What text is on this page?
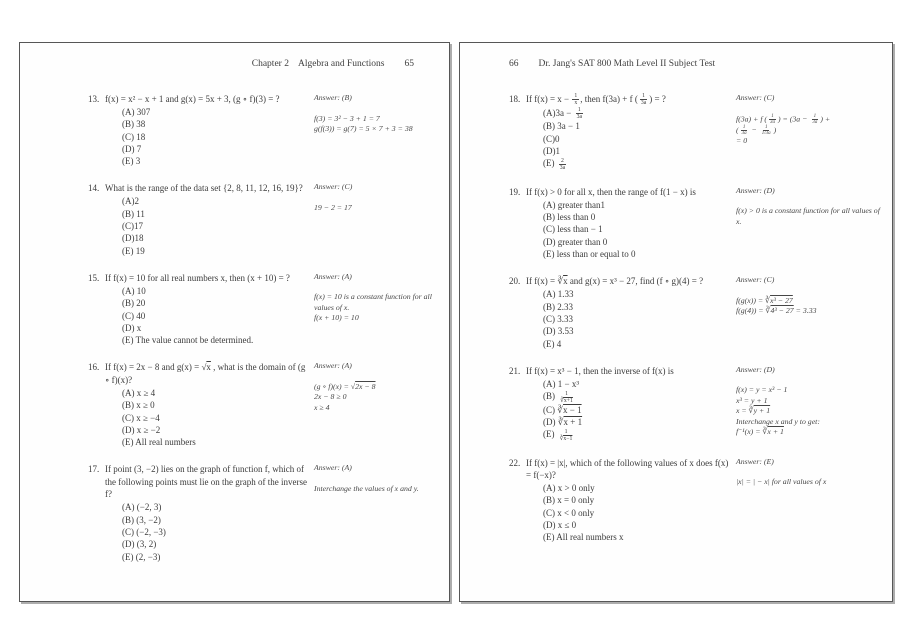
Chapter 2 Algebra and Functions 65
13. f(x) = x² − x + 1 and g(x) = 5x + 3, (g ∘ f)(3) = ?
(A) 307
(B) 38
(C) 18
(D) 7
(E) 3
Answer: (B)
f(3) = 3² − 3 + 1 = 7
g(f(3)) = g(7) = 5 × 7 + 3 = 38
14. What is the range of the data set {2, 8, 11, 12, 16, 19}?
(A)2
(B) 11
(C)17
(D)18
(E) 19
Answer: (C)
19 − 2 = 17
15. If f(x) = 10 for all real numbers x, then (x + 10) = ?
(A) 10
(B) 20
(C) 40
(D) x
(E) The value cannot be determined.
Answer: (A)
f(x) = 10 is a constant function for all values of x.
f(x + 10) = 10
16. If f(x) = 2x − 8 and g(x) = √x , what is the domain of (g ∘ f)(x)?
(A) x ≥ 4
(B) x ≥ 0
(C) x ≥ −4
(D) x ≥ −2
(E) All real numbers
Answer: (A)
(g ∘ f)(x) = √2x − 8
2x − 8 ≥ 0
x ≥ 4
17. If point (3, −2) lies on the graph of function f, which of the following points must lie on the graph of the inverse f?
(A) (−2, 3)
(B) (3, −2)
(C) (−2, −3)
(D) (3, 2)
(E) (2, −3)
Answer: (A)
Interchange the values of x and y.
66 Dr. Jang's SAT 800 Math Level II Subject Test
18. If $f(x) = x - \frac{1}{x}$ , then f(3a) + f ( $\frac{1}{3a}$ ) = ?
$(A)3a - \frac{1}{3a}$
(B) 3a − 1
(C)0
(D)1
$(E) \frac{2}{3a}$
Answer: (C)
f(3a) + f ( $\frac{1}{3a}$ ) = ($3a - \frac{1}{3a}$ ) +
( $\frac{1}{3a} - \frac{1}{1/3a}$ )
= 0
19. If f(x) > 0 for all x, then the range of f(1 − x) is
(A) greater than1
(B) less than 0
(C) less than − 1
(D) greater than 0
(E) less than or equal to 0
Answer: (D)
f(x) > 0 is a constant function for all values of x.
20. If $f(x) = ∛\overline{x}$ and g(x) = x³ − 27, find (f ∘ g)(4) = ?
(A) 1.33
(B) 2.33
(C) 3.33
(D) 3.53
(E) 4
Answer: (C)
f(g(x)) = ∛x³ − 27
f(g(4)) = ∛4³ − 27 = 3.33
21. If f(x) = x³ − 1, then the inverse of f(x) is
(A) 1 − x³
$(B) \frac{1}{∛x+1}$
(C) ∛x − 1
(D) ∛x + 1
$(E) \frac{1}{∛x-1}$
Answer: (D)
f(x) = y = x³ − 1
x³ = y + 1
x = ∛y + 1
Interchange x and y to get:
f⁻¹(x) = ∛x + 1
22. If f(x) = |x|, which of the following values of x does f(x) = f(−x)?
(A) x > 0 only
(B) x = 0 only
(C) x < 0 only
(D) x ≤ 0
(E) All real numbers x
Answer: (E)
|x| = | − x| for all values of x
